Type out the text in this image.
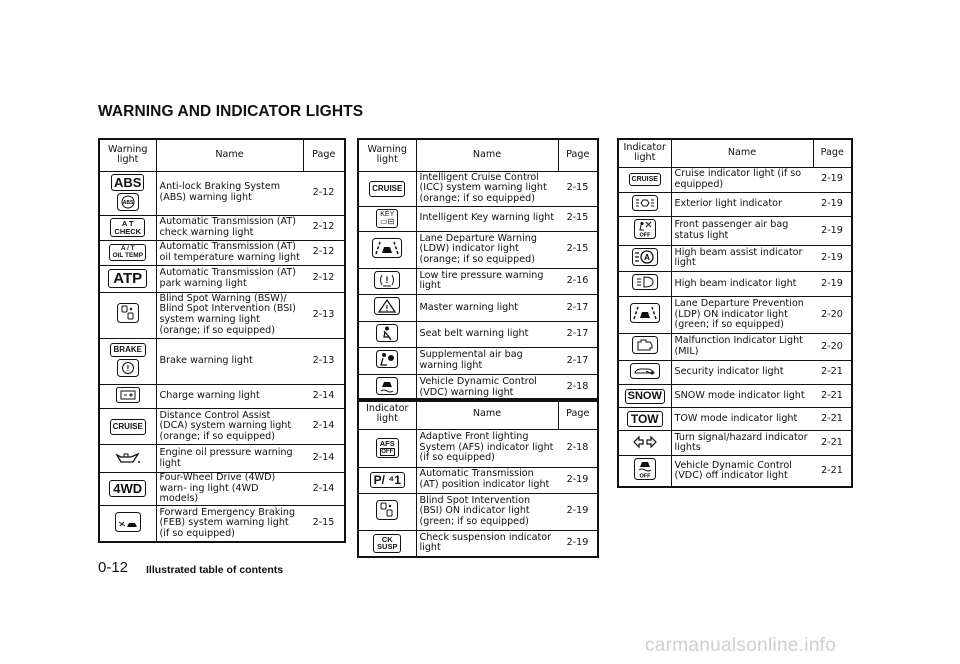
WARNING AND INDICATOR LIGHTS
Warning light	Name	Page
ABS
ABS	Anti-lock Braking System (ABS) warning light	2-12

A T
CHECK	Automatic Transmission (AT) check warning light	2-12

A / T
OIL TEMP	Automatic Transmission (AT) oil temperature warning light	2-12
ATP	Automatic Transmission (AT) park warning light	2-12
	Blind Spot Warning (BSW)/ Blind Spot Intervention (BSI) system warning light (orange; if so equipped)	2-13
BRAKE
!	Brake warning light	2-13
	Charge warning light	2-14
CRUISE	Distance Control Assist (DCA) system warning light (orange; if so equipped)	2-14
	Engine oil pressure warning light	2-14
4WD	Four-Wheel Drive (4WD) warn- ing light (4WD models)	2-14
	Forward Emergency Braking (FEB) system warning light (if so equipped)	2-15
Warning light	Name	Page
CRUISE	Intelligent Cruise Control (ICC) system warning light (orange; if so equipped)	2-15

KEY
▭⊟	Intelligent Key warning light	2-15
	Lane Departure Warning (LDW) indicator light (orange; if so equipped)	2-15

!	Low tire pressure warning light	2-16

!	Master warning light	2-17
	Seat belt warning light	2-17
	Supplemental air bag warning light	2-17
	Vehicle Dynamic Control (VDC) warning light	2-18
Indicator light	Name	Page

AFS
OFF	Adaptive Front lighting System (AFS) indicator light (if so equipped)	2-18
P/ ⁴1	Automatic Transmission (AT) position indicator light	2-19
	Blind Spot Intervention (BSI) ON indicator light (green; if so equipped)	2-19

CK
SUSP	Check suspension indicator light	2-19
Indicator light	Name	Page
CRUISE	Cruise indicator light (if so equipped)	2-19
	Exterior light indicator	2-19

OFF	Front passenger air bag status light	2-19

A	High beam assist indicator light	2-19
	High beam indicator light	2-19
	Lane Departure Prevention (LDP) ON indicator light (green; if so equipped)	2-20
	Malfunction Indicator Light (MIL)	2-20
	Security indicator light	2-21
SNOW	SNOW mode indicator light	2-21
TOW	TOW mode indicator light	2-21
	Turn signal/hazard indicator lights	2-21

OFF	Vehicle Dynamic Control (VDC) off indicator light	2-21
0-12 Illustrated table of contents
carmanualsonline.info
